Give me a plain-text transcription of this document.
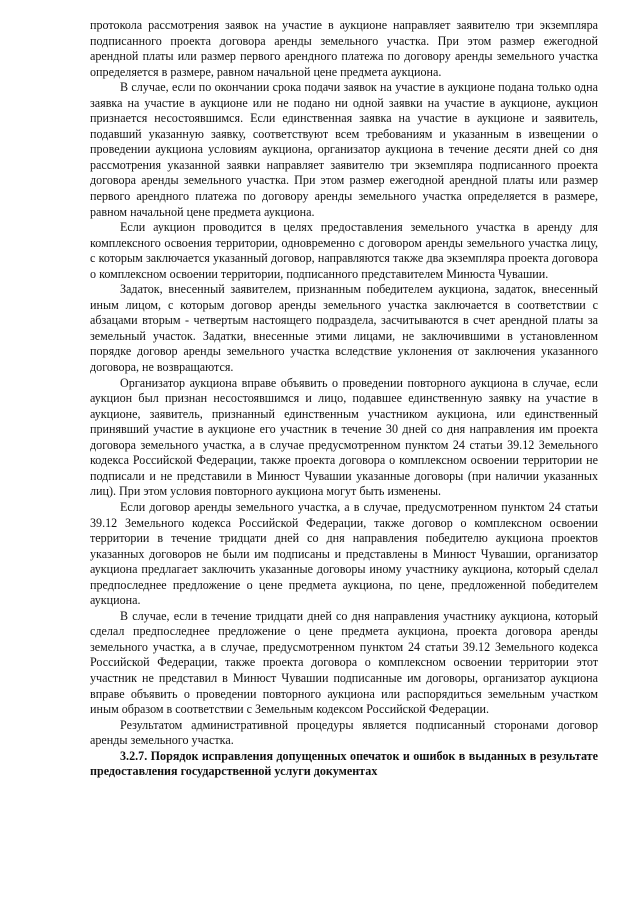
протокола рассмотрения заявок на участие в аукционе направляет заявителю три экземпляра подписанного проекта договора аренды земельного участка. При этом размер ежегодной арендной платы или размер первого арендного платежа по договору аренды земельного участка определяется в размере, равном начальной цене предмета аукциона.

В случае, если по окончании срока подачи заявок на участие в аукционе подана только одна заявка на участие в аукционе или не подано ни одной заявки на участие в аукционе, аукцион признается несостоявшимся. Если единственная заявка на участие в аукционе и заявитель, подавший указанную заявку, соответствуют всем требованиям и указанным в извещении о проведении аукциона условиям аукциона, организатор аукциона в течение десяти дней со дня рассмотрения указанной заявки направляет заявителю три экземпляра подписанного проекта договора аренды земельного участка. При этом размер ежегодной арендной платы или размер первого арендного платежа по договору аренды земельного участка определяется в размере, равном начальной цене предмета аукциона.

Если аукцион проводится в целях предоставления земельного участка в аренду для комплексного освоения территории, одновременно с договором аренды земельного участка лицу, с которым заключается указанный договор, направляются также два экземпляра проекта договора о комплексном освоении территории, подписанного представителем Минюста Чувашии.

Задаток, внесенный заявителем, признанным победителем аукциона, задаток, внесенный иным лицом, с которым договор аренды земельного участка заключается в соответствии с абзацами вторым - четвертым настоящего подраздела, засчитываются в счет арендной платы за земельный участок. Задатки, внесенные этими лицами, не заключившими в установленном порядке договор аренды земельного участка вследствие уклонения от заключения указанного договора, не возвращаются.

Организатор аукциона вправе объявить о проведении повторного аукциона в случае, если аукцион был признан несостоявшимся и лицо, подавшее единственную заявку на участие в аукционе, заявитель, признанный единственным участником аукциона, или единственный принявший участие в аукционе его участник в течение 30 дней со дня направления им проекта договора земельного участка, а в случае предусмотренном пунктом 24 статьи 39.12 Земельного кодекса Российской Федерации, также проекта договора о комплексном освоении территории не подписали и не представили в Минюст Чувашии указанные договоры (при наличии указанных лиц). При этом условия повторного аукциона могут быть изменены.

Если договор аренды земельного участка, а в случае, предусмотренном пунктом 24 статьи 39.12 Земельного кодекса Российской Федерации, также договор о комплексном освоении территории в течение тридцати дней со дня направления победителю аукциона проектов указанных договоров не были им подписаны и представлены в Минюст Чувашии, организатор аукциона предлагает заключить указанные договоры иному участнику аукциона, который сделал предпоследнее предложение о цене предмета аукциона, по цене, предложенной победителем аукциона.

В случае, если в течение тридцати дней со дня направления участнику аукциона, который сделал предпоследнее предложение о цене предмета аукциона, проекта договора аренды земельного участка, а в случае, предусмотренном пунктом 24 статьи 39.12 Земельного кодекса Российской Федерации, также проекта договора о комплексном освоении территории этот участник не представил в Минюст Чувашии подписанные им договоры, организатор аукциона вправе объявить о проведении повторного аукциона или распорядиться земельным участком иным образом в соответствии с Земельным кодексом Российской Федерации.

Результатом административной процедуры является подписанный сторонами договор аренды земельного участка.

3.2.7. Порядок исправления допущенных опечаток и ошибок в выданных в результате предоставления государственной услуги документах
